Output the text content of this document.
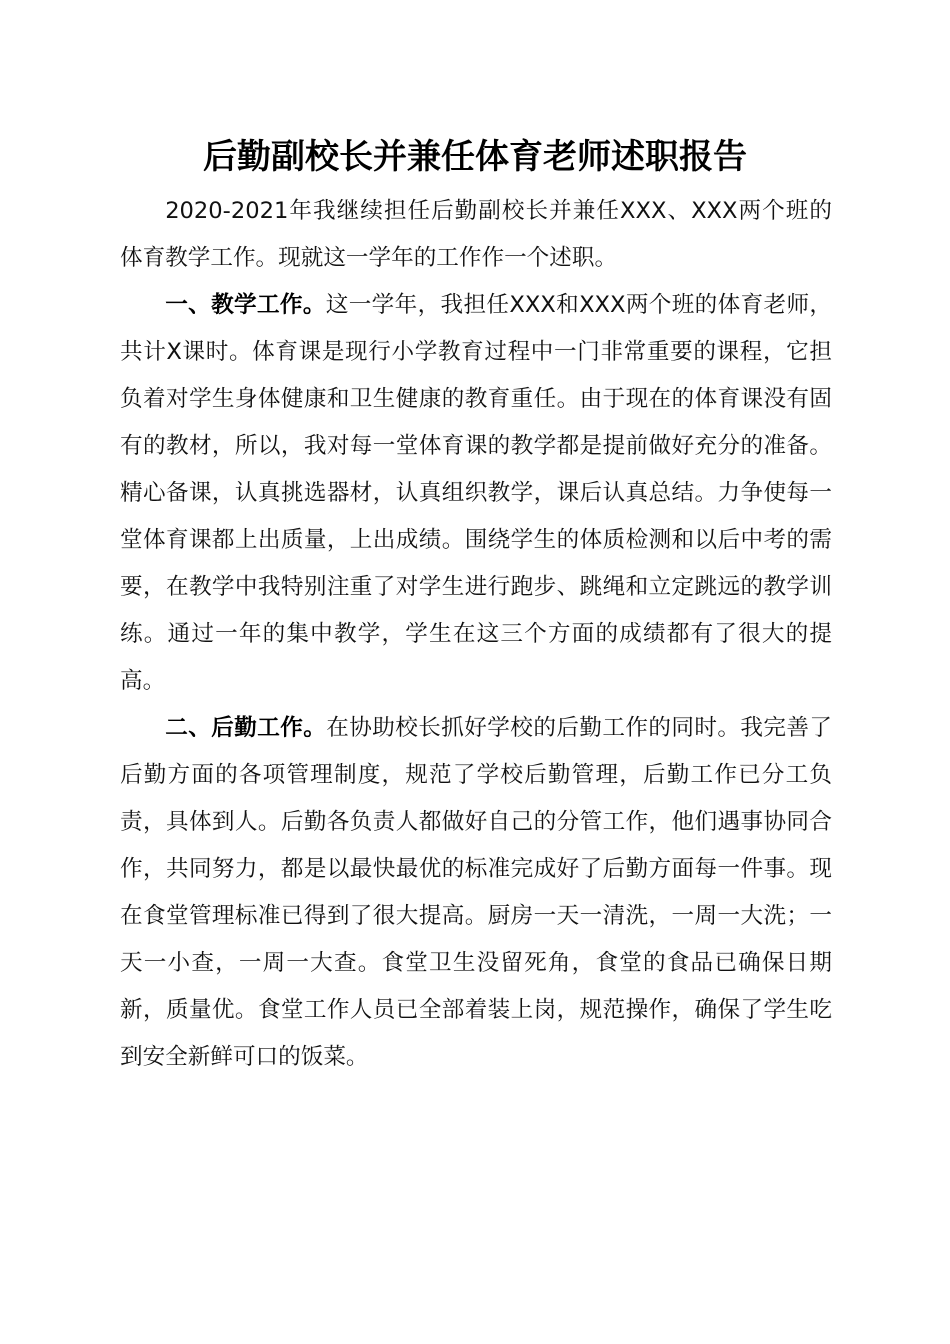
后勤副校长并兼任体育老师述职报告

2020-2021年我继续担任后勤副校长并兼任XXX、XXX两个班的体育教学工作。现就这一学年的工作作一个述职。

一、教学工作。这一学年，我担任XXX和XXX两个班的体育老师，共计X课时。体育课是现行小学教育过程中一门非常重要的课程，它担负着对学生身体健康和卫生健康的教育重任。由于现在的体育课没有固有的教材，所以，我对每一堂体育课的教学都是提前做好充分的准备。精心备课，认真挑选器材，认真组织教学，课后认真总结。力争使每一堂体育课都上出质量，上出成绩。围绕学生的体质检测和以后中考的需要，在教学中我特别注重了对学生进行跑步、跳绳和立定跳远的教学训练。通过一年的集中教学，学生在这三个方面的成绩都有了很大的提高。

二、后勤工作。在协助校长抓好学校的后勤工作的同时。我完善了后勤方面的各项管理制度，规范了学校后勤管理，后勤工作已分工负责，具体到人。后勤各负责人都做好自己的分管工作，他们遇事协同合作，共同努力，都是以最快最优的标准完成好了后勤方面每一件事。现在食堂管理标准已得到了很大提高。厨房一天一清洗，一周一大洗；一天一小查，一周一大查。食堂卫生没留死角，食堂的食品已确保日期新，质量优。食堂工作人员已全部着装上岗，规范操作，确保了学生吃到安全新鲜可口的饭菜。
